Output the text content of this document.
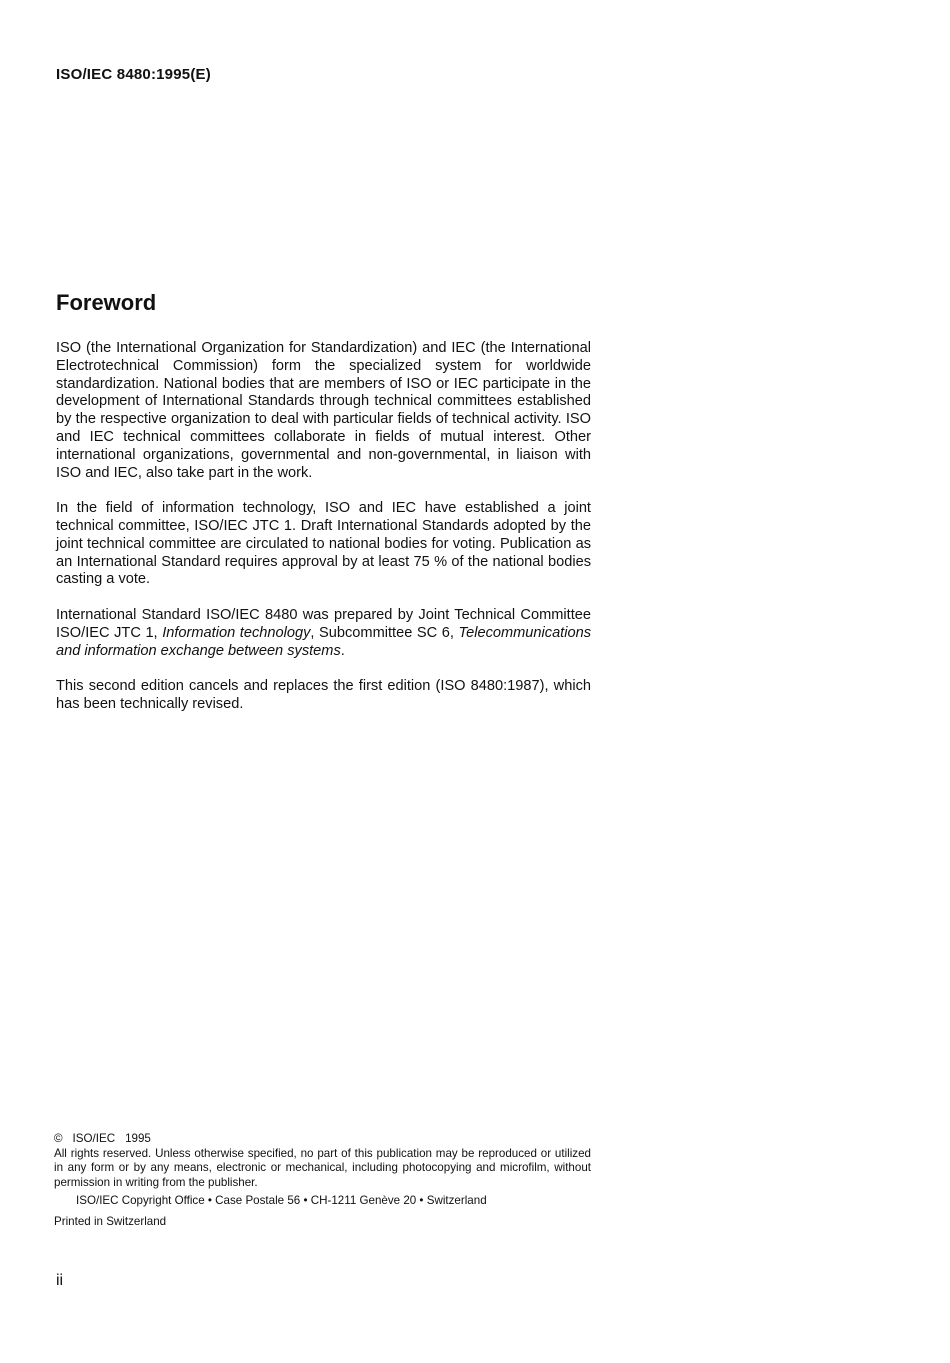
ISO/IEC 8480:1995(E)
Foreword

ISO (the International Organization for Standardization) and IEC (the International Electrotechnical Commission) form the specialized system for worldwide standardization. National bodies that are members of ISO or IEC participate in the development of International Standards through technical committees established by the respective organization to deal with particular fields of technical activity. ISO and IEC technical committees collaborate in fields of mutual interest. Other international organizations, governmental and non-governmental, in liaison with ISO and IEC, also take part in the work.

In the field of information technology, ISO and IEC have established a joint technical committee, ISO/IEC JTC 1. Draft International Standards adopted by the joint technical committee are circulated to national bodies for voting. Publication as an International Standard requires approval by at least 75 % of the national bodies casting a vote.

International Standard ISO/IEC 8480 was prepared by Joint Technical Committee ISO/IEC JTC 1, Information technology, Subcommittee SC 6, Telecommunications and information exchange between systems.

This second edition cancels and replaces the first edition (ISO 8480:1987), which has been technically revised.

© ISO/IEC 1995
All rights reserved. Unless otherwise specified, no part of this publication may be reproduced or utilized in any form or by any means, electronic or mechanical, including photocopying and microfilm, without permission in writing from the publisher.
ISO/IEC Copyright Office • Case Postale 56 • CH-1211 Genève 20 • Switzerland
Printed in Switzerland
ii
